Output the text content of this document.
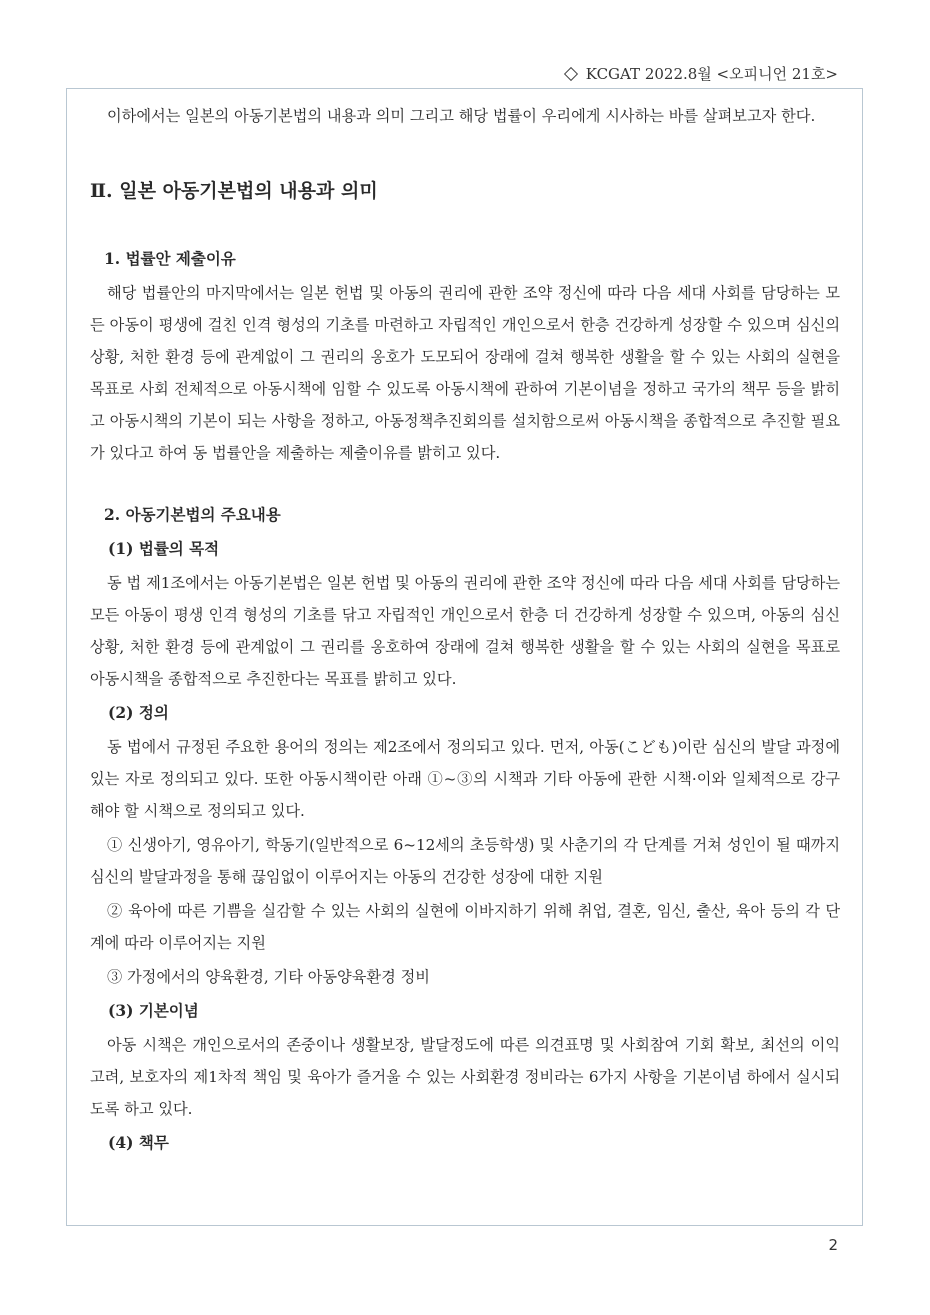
KCGAT 2022.8월 <오피니언 21호>

이하에서는 일본의 아동기본법의 내용과 의미 그리고 해당 법률이 우리에게 시사하는 바를 살펴보고자 한다.

Ⅱ. 일본 아동기본법의 내용과 의미
1. 법률안 제출이유

해당 법률안의 마지막에서는 일본 헌법 및 아동의 권리에 관한 조약 정신에 따라 다음 세대 사회를 담당하는 모든 아동이 평생에 걸친 인격 형성의 기초를 마련하고 자립적인 개인으로서 한층 건강하게 성장할 수 있으며 심신의 상황, 처한 환경 등에 관계없이 그 권리의 옹호가 도모되어 장래에 걸쳐 행복한 생활을 할 수 있는 사회의 실현을 목표로 사회 전체적으로 아동시책에 임할 수 있도록 아동시책에 관하여 기본이념을 정하고 국가의 책무 등을 밝히고 아동시책의 기본이 되는 사항을 정하고, 아동정책추진회의를 설치함으로써 아동시책을 종합적으로 추진할 필요가 있다고 하여 동 법률안을 제출하는 제출이유를 밝히고 있다.

2. 아동기본법의 주요내용
(1) 법률의 목적

동 법 제1조에서는 아동기본법은 일본 헌법 및 아동의 권리에 관한 조약 정신에 따라 다음 세대 사회를 담당하는 모든 아동이 평생 인격 형성의 기초를 닦고 자립적인 개인으로서 한층 더 건강하게 성장할 수 있으며, 아동의 심신 상황, 처한 환경 등에 관계없이 그 권리를 옹호하여 장래에 걸쳐 행복한 생활을 할 수 있는 사회의 실현을 목표로 아동시책을 종합적으로 추진한다는 목표를 밝히고 있다.

(2) 정의

동 법에서 규정된 주요한 용어의 정의는 제2조에서 정의되고 있다. 먼저, 아동(こども)이란 심신의 발달 과정에 있는 자로 정의되고 있다. 또한 아동시책이란 아래 ①~③의 시책과 기타 아동에 관한 시책·이와 일체적으로 강구해야 할 시책으로 정의되고 있다.

① 신생아기, 영유아기, 학동기(일반적으로 6~12세의 초등학생) 및 사춘기의 각 단계를 거쳐 성인이 될 때까지 심신의 발달과정을 통해 끊임없이 이루어지는 아동의 건강한 성장에 대한 지원

② 육아에 따른 기쁨을 실감할 수 있는 사회의 실현에 이바지하기 위해 취업, 결혼, 임신, 출산, 육아 등의 각 단계에 따라 이루어지는 지원

③ 가정에서의 양육환경, 기타 아동양육환경 정비

(3) 기본이념

아동 시책은 개인으로서의 존중이나 생활보장, 발달정도에 따른 의견표명 및 사회참여 기회 확보, 최선의 이익 고려, 보호자의 제1차적 책임 및 육아가 즐거울 수 있는 사회환경 정비라는 6가지 사항을 기본이념 하에서 실시되도록 하고 있다.

(4) 책무
2
